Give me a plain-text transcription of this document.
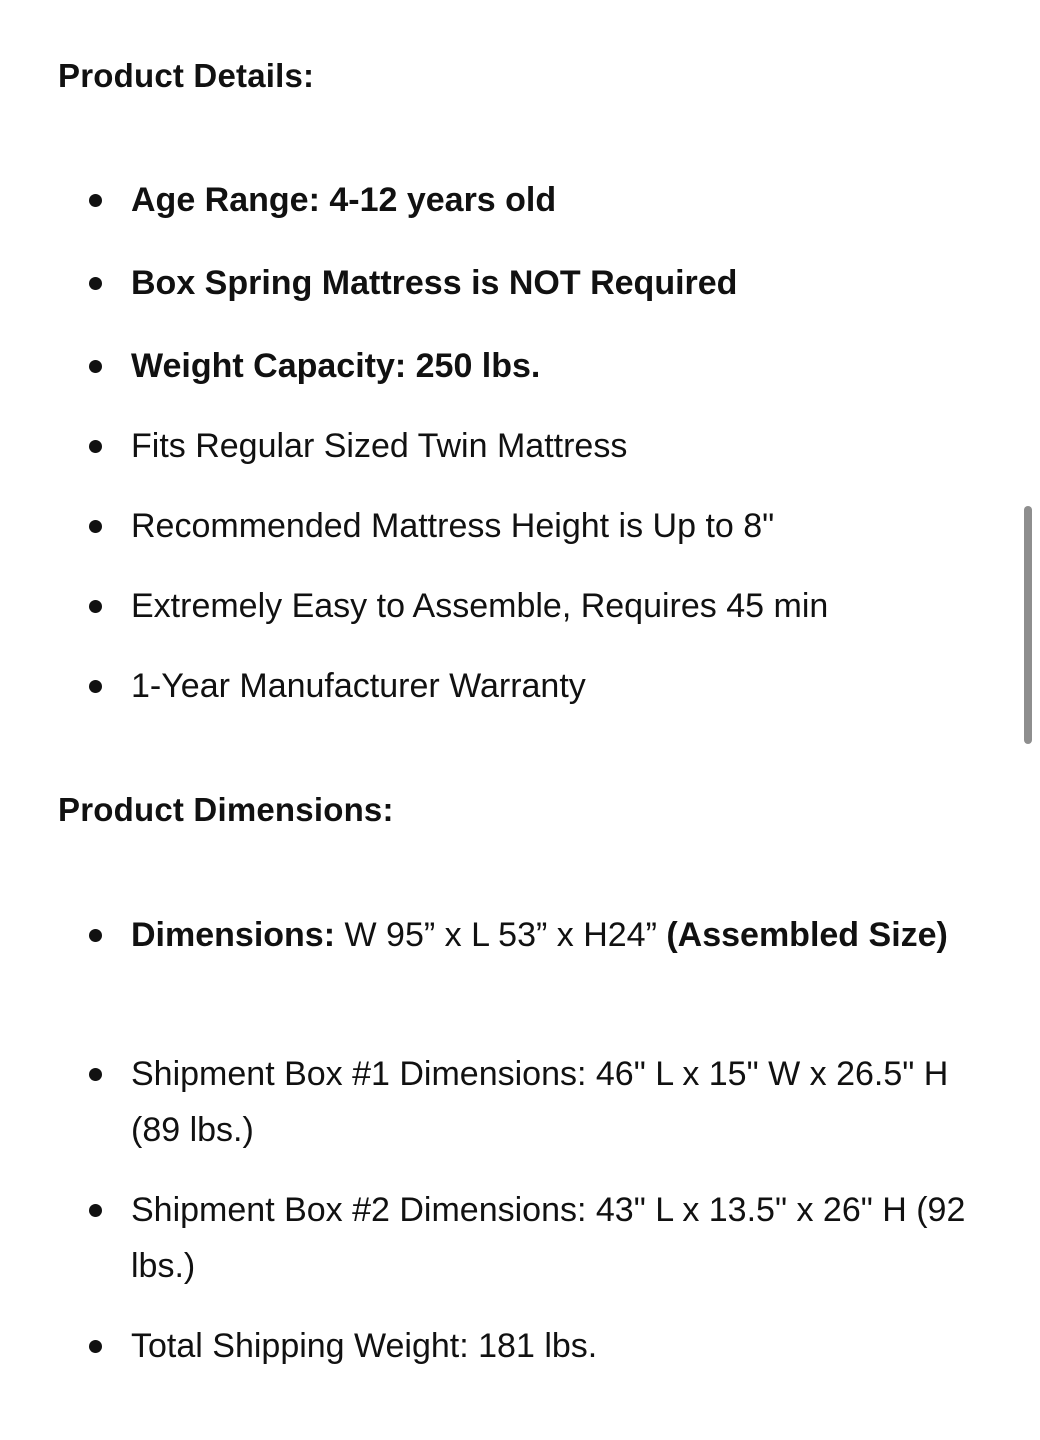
Product Details:
Age Range: 4-12 years old
Box Spring Mattress is NOT Required
Weight Capacity: 250 lbs.
Fits Regular Sized Twin Mattress
Recommended Mattress Height is Up to 8"
Extremely Easy to Assemble, Requires 45 min
1-Year Manufacturer Warranty
Product Dimensions:
Dimensions: W 95” x L 53” x H24” (Assembled Size)
Shipment Box #1 Dimensions: 46" L x 15" W x 26.5" H (89 lbs.)
Shipment Box #2 Dimensions: 43" L x 13.5" x 26" H (92 lbs.)
Total Shipping Weight: 181 lbs.
